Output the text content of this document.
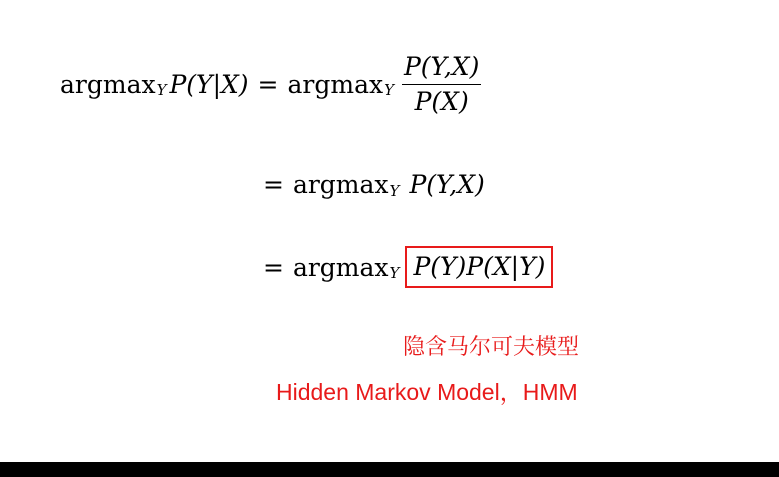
argmax Y P(Y|X) = argmax Y $\frac{P(Y,X)}{P(X)}$
= argmax Y P(Y,X)
= argmax Y P(Y)P(X|Y)
隐含马尔可夫模型
Hidden Markov Model，HMM
